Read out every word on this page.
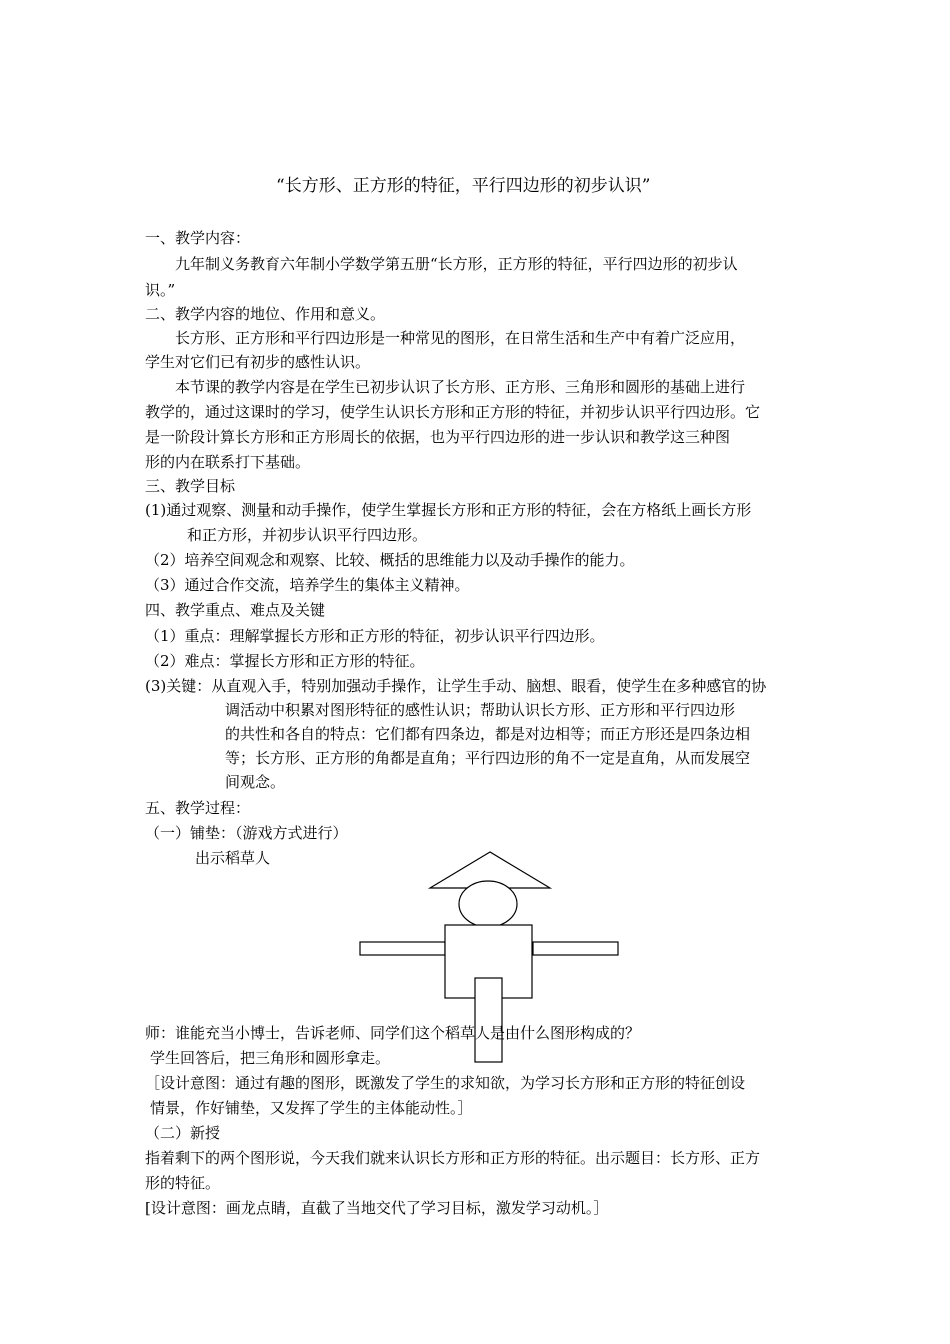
“长方形、正方形的特征，平行四边形的初步认识”
一、教学内容：
九年制义务教育六年制小学数学第五册“长方形，正方形的特征，平行四边形的初步认
识。”
二、教学内容的地位、作用和意义。
长方形、正方形和平行四边形是一种常见的图形，在日常生活和生产中有着广泛应用，
学生对它们已有初步的感性认识。
本节课的教学内容是在学生已初步认识了长方形、正方形、三角形和圆形的基础上进行
教学的，通过这课时的学习，使学生认识长方形和正方形的特征，并初步认识平行四边形。它
是一阶段计算长方形和正方形周长的依据，也为平行四边形的进一步认识和教学这三种图
形的内在联系打下基础。
三、教学目标
(1)通过观察、测量和动手操作，使学生掌握长方形和正方形的特征，会在方格纸上画长方形
和正方形，并初步认识平行四边形。
（2）培养空间观念和观察、比较、概括的思维能力以及动手操作的能力。
（3）通过合作交流，培养学生的集体主义精神。
四、教学重点、难点及关键
（1）重点：理解掌握长方形和正方形的特征，初步认识平行四边形。
（2）难点：掌握长方形和正方形的特征。
(3)关键：从直观入手，特别加强动手操作，让学生手动、脑想、眼看，使学生在多种感官的协
调活动中积累对图形特征的感性认识；帮助认识长方形、正方形和平行四边形
的共性和各自的特点：它们都有四条边，都是对边相等；而正方形还是四条边相
等；长方形、正方形的角都是直角；平行四边形的角不一定是直角，从而发展空
间观念。
五、教学过程：
（一）铺垫：（游戏方式进行）
出示稻草人
师：谁能充当小博士，告诉老师、同学们这个稻草人是由什么图形构成的？
学生回答后，把三角形和圆形拿走。
［设计意图：通过有趣的图形，既激发了学生的求知欲，为学习长方形和正方形的特征创设
情景，作好铺垫，又发挥了学生的主体能动性。］
（二）新授
指着剩下的两个图形说，今天我们就来认识长方形和正方形的特征。出示题目：长方形、正方
形的特征。
[设计意图：画龙点睛，直截了当地交代了学习目标，激发学习动机。］
